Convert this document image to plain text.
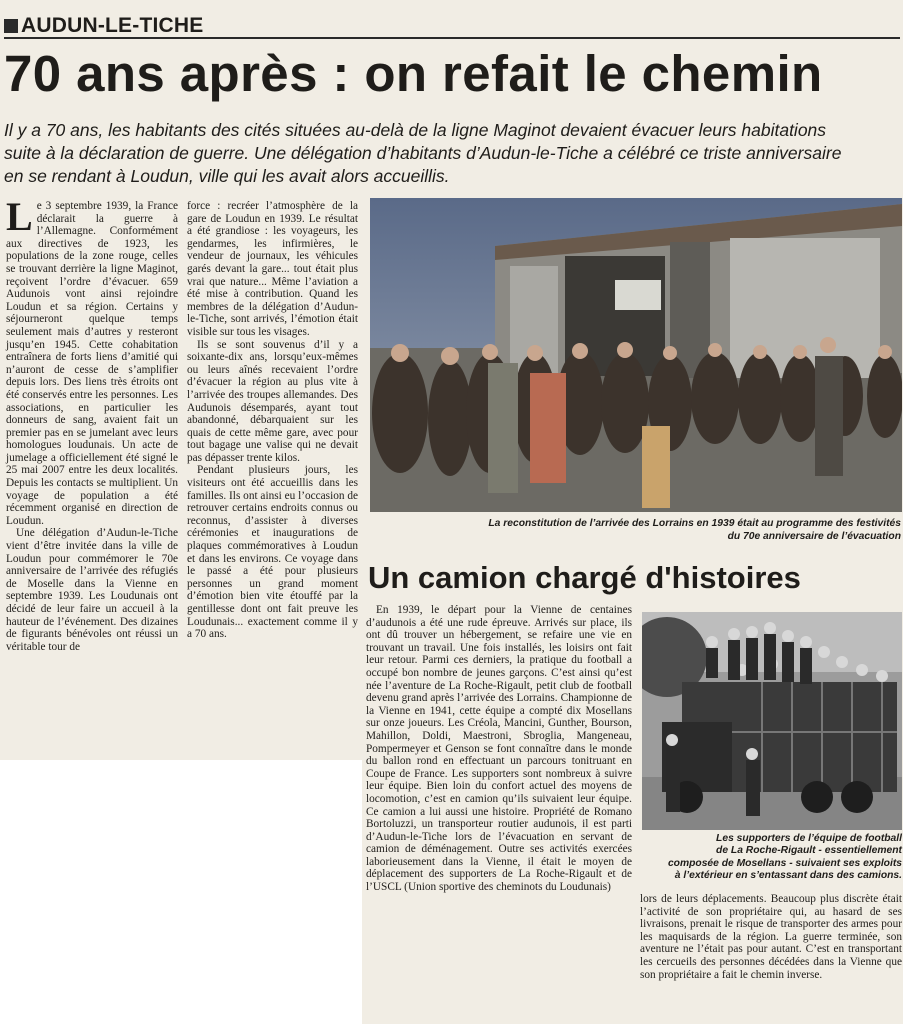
AUDUN-LE-TICHE
70 ans après : on refait le chemin
Il y a 70 ans, les habitants des cités situées au-delà de la ligne Maginot devaient évacuer leurs habitations
suite à la déclaration de guerre. Une délégation d’habitants d’Audun-le-Tiche a célébré ce triste anniversaire
en se rendant à Loudun, ville qui les avait alors accueillis.
L e 3 septembre 1939, la France déclarait la guerre à l’Allemagne. Conformément aux directives de 1923, les populations de la zone rouge, celles se trouvant derrière la ligne Maginot, reçoivent l’ordre d’évacuer. 659 Audunois vont ainsi rejoindre Loudun et sa région. Certains y séjourneront quelque temps seulement mais d’autres y resteront jusqu’en 1945. Cette cohabitation entraînera de forts liens d’amitié qui n’auront de cesse de s’amplifier depuis lors. Des liens très étroits ont été conservés entre les personnes. Les associations, en particulier les donneurs de sang, avaient fait un premier pas en se jumelant avec leurs homologues loudunais. Un acte de jumelage a officiellement été signé le 25 mai 2007 entre les deux localités. Depuis les contacts se multiplient. Un voyage de population a été récemment organisé en direction de Loudun.

Une délégation d’Audun-le-Tiche vient d’être invitée dans la ville de Loudun pour commémorer le 70e anniversaire de l’arrivée des réfugiés de Moselle dans la Vienne en septembre 1939. Les Loudunais ont décidé de leur faire un accueil à la hauteur de l’événement. Des dizaines de figurants bénévoles ont réussi un véritable tour de

force : recréer l’atmosphère de la gare de Loudun en 1939. Le résultat a été grandiose : les voyageurs, les gendarmes, les infirmières, le vendeur de journaux, les véhicules garés devant la gare... tout était plus vrai que nature... Même l’aviation a été mise à contribution. Quand les membres de la délégation d’Audun-le-Tiche, sont arrivés, l’émotion était visible sur tous les visages.

Ils se sont souvenus d’il y a soixante-dix ans, lorsqu’eux-mêmes ou leurs aînés recevaient l’ordre d’évacuer la région au plus vite à l’arrivée des troupes allemandes. Des Audunois désemparés, ayant tout abandonné, débarquaient sur les quais de cette même gare, avec pour tout bagage une valise qui ne devait pas dépasser trente kilos.

Pendant plusieurs jours, les visiteurs ont été accueillis dans les familles. Ils ont ainsi eu l’occasion de retrouver certains endroits connus ou reconnus, d’assister à diverses cérémonies et inaugurations de plaques commémoratives à Loudun et dans les environs. Ce voyage dans le passé a été pour plusieurs personnes un grand moment d’émotion bien vite étouffé par la gentillesse dont ont fait preuve les Loudunais... exactement comme il y a 70 ans.

La reconstitution de l’arrivée des Lorrains en 1939 était au programme des festivités
du 70e anniversaire de l’évacuation
Un camion chargé d'histoires

En 1939, le départ pour la Vienne de centaines d’audunois a été une rude épreuve. Arrivés sur place, ils ont dû trouver un hébergement, se refaire une vie en trouvant un travail. Une fois installés, les loisirs ont fait leur retour. Parmi ces derniers, la pratique du football a occupé bon nombre de jeunes garçons. C’est ainsi qu’est née l’aventure de La Roche-Rigault, petit club de football devenu grand après l’arrivée des Lorrains. Championne de la Vienne en 1941, cette équipe a compté dix Mosellans sur onze joueurs. Les Créola, Mancini, Gunther, Bourson, Mahillon, Doldi, Maestroni, Sbroglia, Mangeneau, Pompermeyer et Genson se font connaître dans le monde du ballon rond en effectuant un parcours tonitruant en Coupe de France. Les supporters sont nombreux à suivre leur équipe. Bien loin du confort actuel des moyens de locomotion, c’est en camion qu’ils suivaient leur équipe. Ce camion a lui aussi une histoire. Propriété de Romano Bortoluzzi, un transporteur routier audunois, il est parti d’Audun-le-Tiche lors de l’évacuation en servant de camion de déménagement. Outre ses activités exercées laborieusement dans la Vienne, il était le moyen de déplacement des supporters de La Roche-Rigault et de l’USCL (Union sportive des cheminots du Loudunais)

Les supporters de l’équipe de football
de La Roche-Rigault - essentiellement
composée de Mosellans - suivaient ses exploits
à l’extérieur en s’entassant dans des camions.

lors de leurs déplacements. Beaucoup plus discrète était l’activité de son propriétaire qui, au hasard de ses livraisons, prenait le risque de transporter des armes pour les maquisards de la région. La guerre terminée, son aventure ne l’était pas pour autant. C’est en transportant les cercueils des personnes décédées dans la Vienne que son propriétaire a fait le chemin inverse.
